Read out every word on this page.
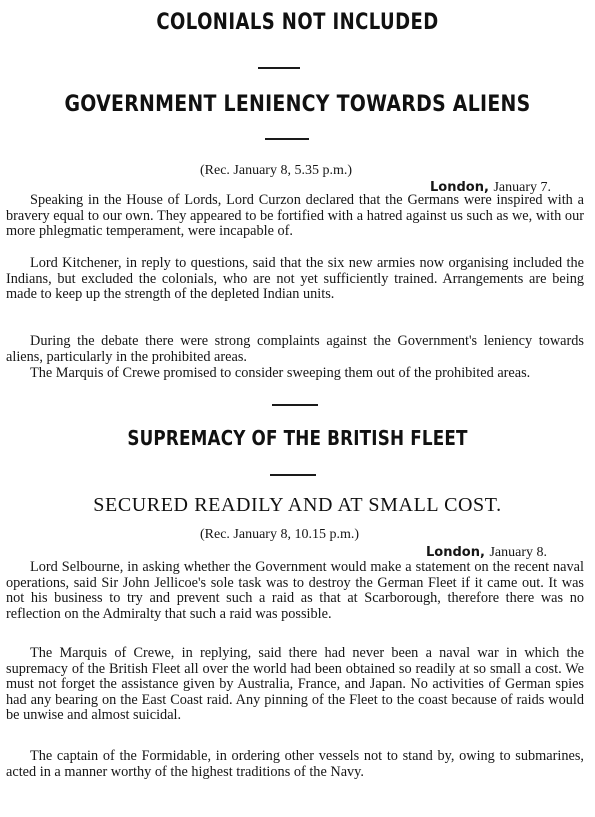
COLONIALS NOT INCLUDED
GOVERNMENT LENIENCY TOWARDS ALIENS
(Rec. January 8, 5.35 p.m.)
London, January 7.

Speaking in the House of Lords, Lord Curzon declared that the Germans were inspired with a bravery equal to our own. They appeared to be fortified with a hatred against us such as we, with our more phlegmatic temperament, were incapable of.

Lord Kitchener, in reply to questions, said that the six new armies now organising included the Indians, but excluded the colonials, who are not yet sufficiently trained. Arrangements are being made to keep up the strength of the depleted Indian units.

During the debate there were strong complaints against the Government's leniency towards aliens, particularly in the prohibited areas.

The Marquis of Crewe promised to consider sweeping them out of the prohibited areas.

SUPREMACY OF THE BRITISH FLEET
SECURED READILY AND AT SMALL COST.
(Rec. January 8, 10.15 p.m.)
London, January 8.

Lord Selbourne, in asking whether the Government would make a statement on the recent naval operations, said Sir John Jellicoe's sole task was to destroy the German Fleet if it came out. It was not his business to try and prevent such a raid as that at Scarborough, therefore there was no reflection on the Admiralty that such a raid was possible.

The Marquis of Crewe, in replying, said there had never been a naval war in which the supremacy of the British Fleet all over the world had been obtained so readily at so small a cost. We must not forget the assistance given by Australia, France, and Japan. No activities of German spies had any bearing on the East Coast raid. Any pinning of the Fleet to the coast because of raids would be unwise and almost suicidal.

The captain of the Formidable, in ordering other vessels not to stand by, owing to submarines, acted in a manner worthy of the highest traditions of the Navy.
